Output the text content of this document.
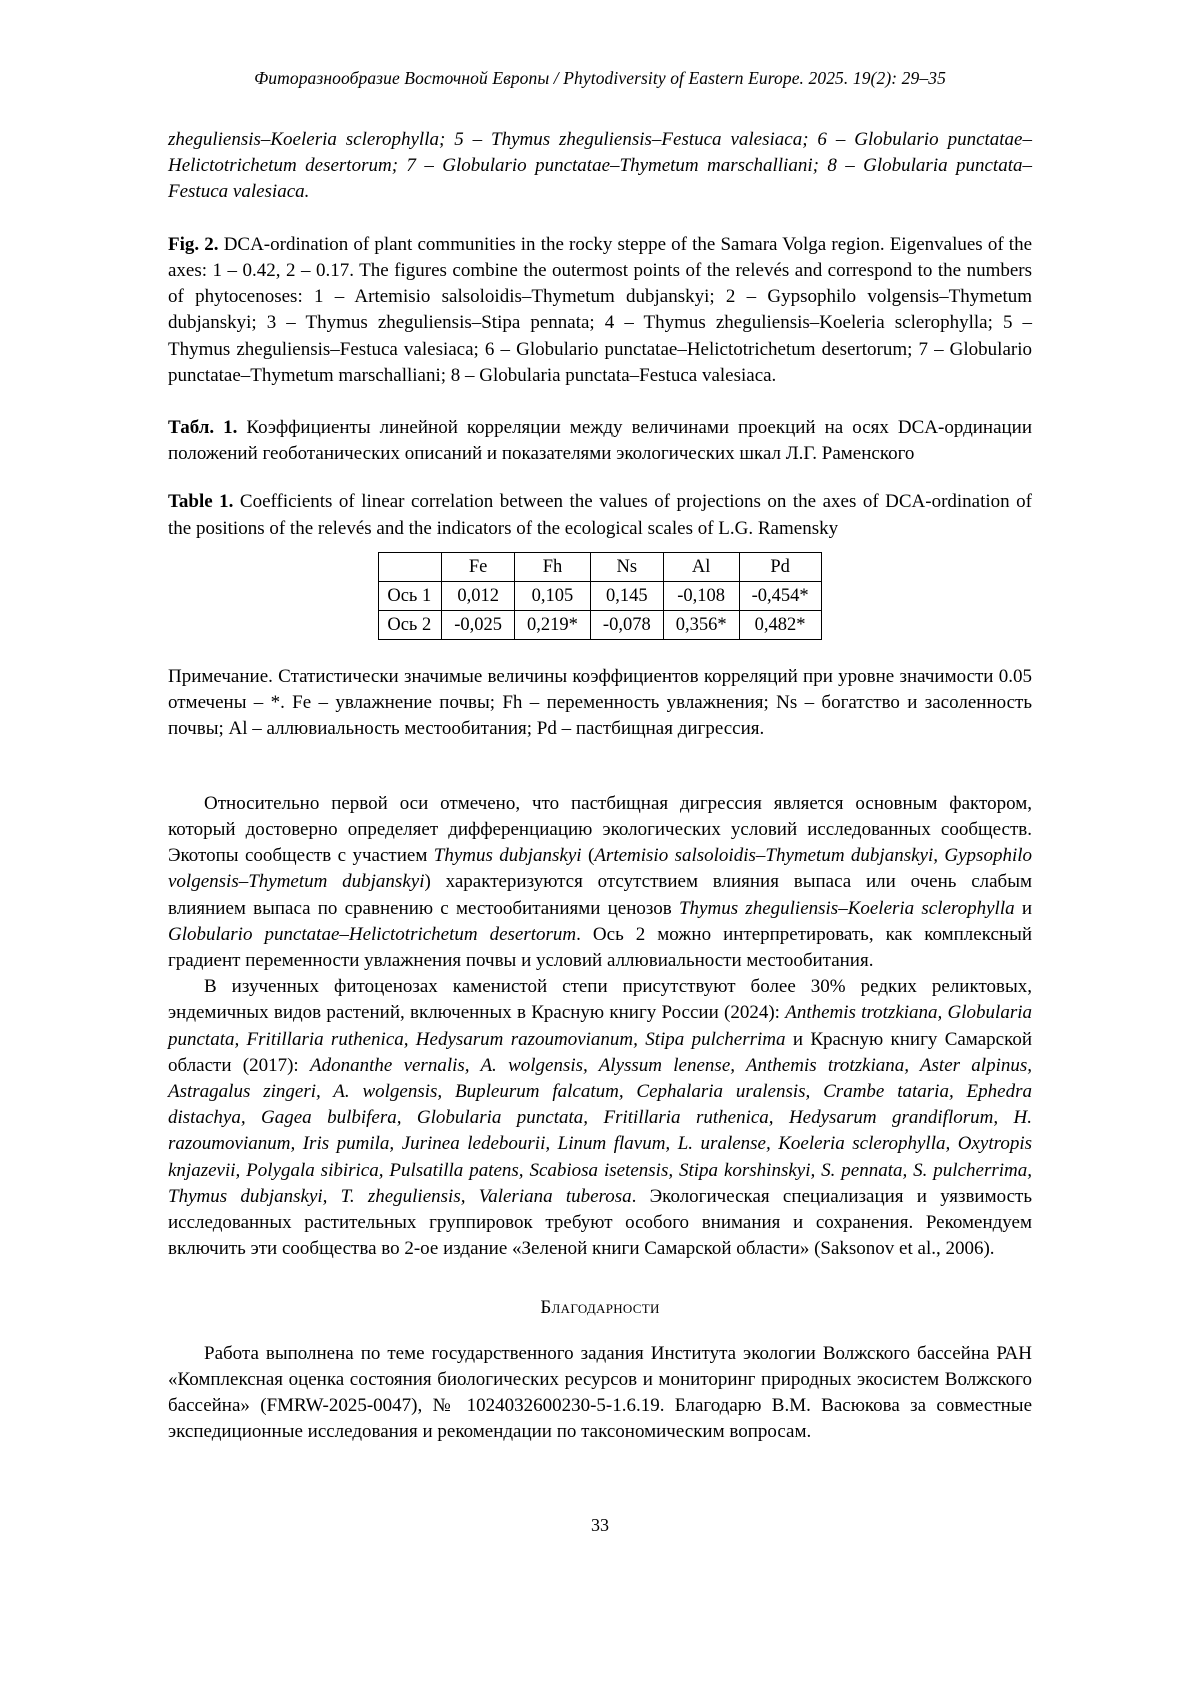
Фиторазнообразие Восточной Европы / Phytodiversity of Eastern Europe. 2025. 19(2): 29–35

zheguliensis–Koeleria sclerophylla; 5 – Thymus zheguliensis–Festuca valesiaca; 6 – Globulario punctatae–Helictotrichetum desertorum; 7 – Globulario punctatae–Thymetum marschalliani; 8 – Globularia punctata–Festuca valesiaca.

Fig. 2. DCA-ordination of plant communities in the rocky steppe of the Samara Volga region. Eigenvalues of the axes: 1 – 0.42, 2 – 0.17. The figures combine the outermost points of the relevés and correspond to the numbers of phytocenoses: 1 – Artemisio salsoloidis–Thymetum dubjanskyi; 2 – Gypsophilo volgensis–Thymetum dubjanskyi; 3 – Thymus zheguliensis–Stipa pennata; 4 – Thymus zheguliensis–Koeleria sclerophylla; 5 – Thymus zheguliensis–Festuca valesiaca; 6 – Globulario punctatae–Helictotrichetum desertorum; 7 – Globulario punctatae–Thymetum marschalliani; 8 – Globularia punctata–Festuca valesiaca.

Табл. 1. Коэффициенты линейной корреляции между величинами проекций на осях DCA-ординации положений геоботанических описаний и показателями экологических шкал Л.Г. Раменского

Table 1. Coefficients of linear correlation between the values of projections on the axes of DCA-ordination of the positions of the relevés and the indicators of the ecological scales of L.G. Ramensky

	Fe	Fh	Ns	Al	Pd
Ось 1	0,012	0,105	0,145	-0,108	-0,454*
Ось 2	-0,025	0,219*	-0,078	0,356*	0,482*

Примечание. Статистически значимые величины коэффициентов корреляций при уровне значимости 0.05 отмечены – *. Fe – увлажнение почвы; Fh – переменность увлажнения; Ns – богатство и засоленность почвы; Al – аллювиальность местообитания; Pd – пастбищная дигрессия.

Относительно первой оси отмечено, что пастбищная дигрессия является основным фактором, который достоверно определяет дифференциацию экологических условий исследованных сообществ. Экотопы сообществ с участием Thymus dubjanskyi (Artemisio salsoloidis–Thymetum dubjanskyi, Gypsophilo volgensis–Thymetum dubjanskyi) характеризуются отсутствием влияния выпаса или очень слабым влиянием выпаса по сравнению с местообитаниями ценозов Thymus zheguliensis–Koeleria sclerophylla и Globulario punctatae–Helictotrichetum desertorum. Ось 2 можно интерпретировать, как комплексный градиент переменности увлажнения почвы и условий аллювиальности местообитания.

В изученных фитоценозах каменистой степи присутствуют более 30% редких реликтовых, эндемичных видов растений, включенных в Красную книгу России (2024): Anthemis trotzkiana, Globularia punctata, Fritillaria ruthenica, Hedysarum razoumovianum, Stipa pulcherrima и Красную книгу Самарской области (2017): Adonanthe vernalis, A. wolgensis, Alyssum lenense, Anthemis trotzkiana, Aster alpinus, Astragalus zingeri, A. wolgensis, Bupleurum falcatum, Cephalaria uralensis, Crambe tataria, Ephedra distachya, Gagea bulbifera, Globularia punctata, Fritillaria ruthenica, Hedysarum grandiflorum, H. razoumovianum, Iris pumila, Jurinea ledebourii, Linum flavum, L. uralense, Koeleria sclerophylla, Oxytropis knjazevii, Polygala sibirica, Pulsatilla patens, Scabiosa isetensis, Stipa korshinskyi, S. pennata, S. pulcherrima, Thymus dubjanskyi, T. zheguliensis, Valeriana tuberosa. Экологическая специализация и уязвимость исследованных растительных группировок требуют особого внимания и сохранения. Рекомендуем включить эти сообщества во 2-ое издание «Зеленой книги Самарской области» (Saksonov et al., 2006).

Благодарности

Работа выполнена по теме государственного задания Института экологии Волжского бассейна РАН «Комплексная оценка состояния биологических ресурсов и мониторинг природных экосистем Волжского бассейна» (FMRW-2025-0047), № 1024032600230-5-1.6.19. Благодарю В.М. Васюкова за совместные экспедиционные исследования и рекомендации по таксономическим вопросам.

33
